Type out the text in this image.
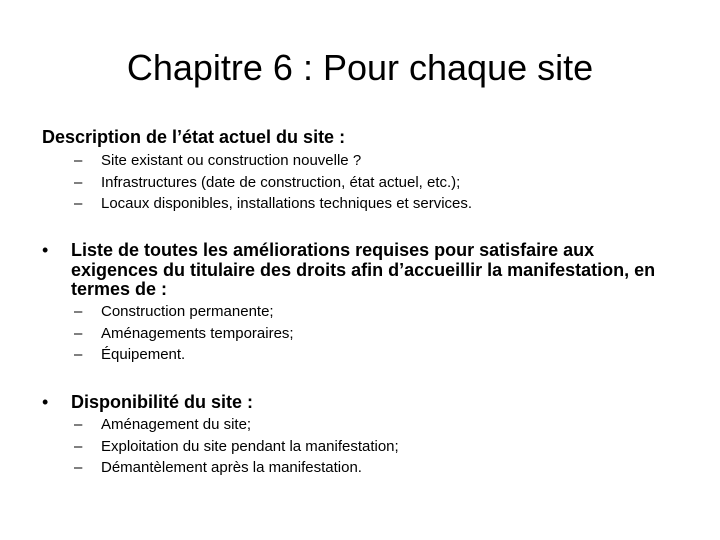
Chapitre 6 : Pour chaque site

Description de l’état actuel du site :

– Site existant ou construction nouvelle ?
– Infrastructures (date de construction, état actuel, etc.);
– Locaux disponibles, installations techniques et services.
• Liste de toutes les améliorations requises pour satisfaire aux exigences du titulaire des droits afin d’accueillir la manifestation, en termes de :

– Construction permanente;
– Aménagements temporaires;
– Équipement.
• Disponibilité du site :

– Aménagement du site;
– Exploitation du site pendant la manifestation;
– Démantèlement après la manifestation.
